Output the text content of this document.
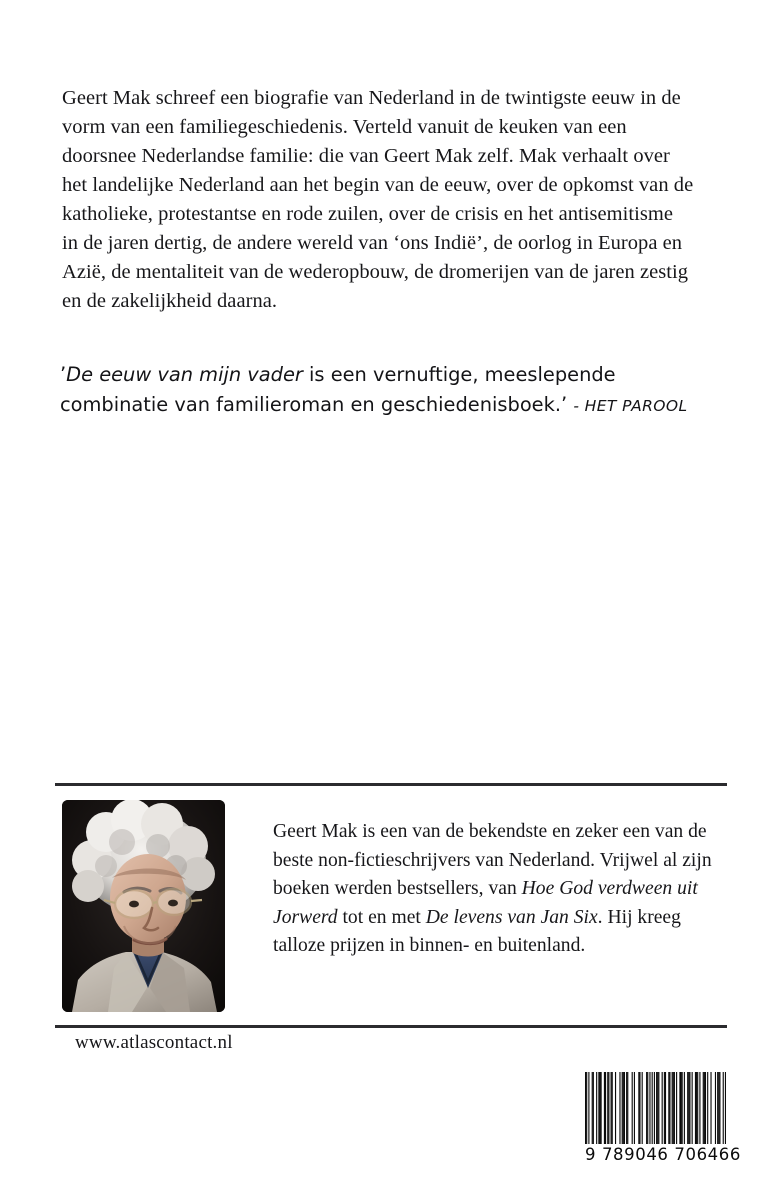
Geert Mak schreef een biografie van Nederland in de twintigste eeuw in de vorm van een familiegeschiedenis. Verteld vanuit de keuken van een doorsnee Nederlandse familie: die van Geert Mak zelf. Mak verhaalt over het landelijke Nederland aan het begin van de eeuw, over de opkomst van de katholieke, protestantse en rode zuilen, over de crisis en het antisemitisme in de jaren dertig, de andere wereld van ‘ons Indië’, de oorlog in Europa en Azië, de mentaliteit van de wederopbouw, de dromerijen van de jaren zestig en de zakelijkheid daarna.
’De eeuw van mijn vader is een vernuftige, meeslepende combinatie van familieroman en geschiedenisboek.’ - HET PAROOL
Geert Mak is een van de bekendste en zeker een van de beste non-fictieschrijvers van Nederland. Vrijwel al zijn boeken werden bestsellers, van Hoe God verdween uit Jorwerd tot en met De levens van Jan Six. Hij kreeg talloze prijzen in binnen- en buitenland.
www.atlascontact.nl
9 789046 706466
